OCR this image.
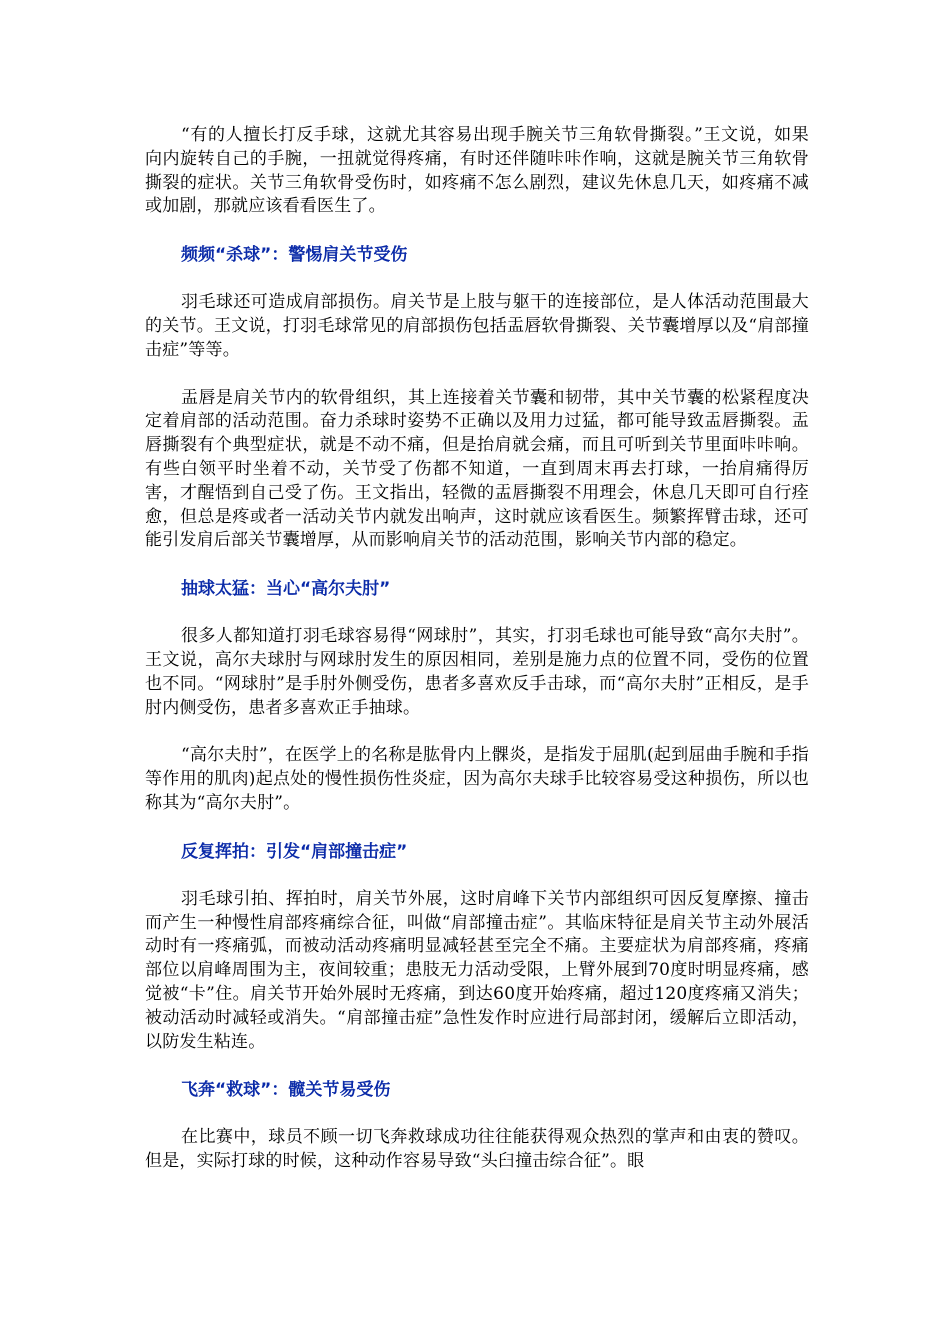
“有的人擅长打反手球，这就尤其容易出现手腕关节三角软骨撕裂。”王文说，如果向内旋转自己的手腕，一扭就觉得疼痛，有时还伴随咔咔作响，这就是腕关节三角软骨撕裂的症状。关节三角软骨受伤时，如疼痛不怎么剧烈，建议先休息几天，如疼痛不减或加剧，那就应该看看医生了。

频频“杀球”：警惕肩关节受伤

羽毛球还可造成肩部损伤。肩关节是上肢与躯干的连接部位，是人体活动范围最大的关节。王文说，打羽毛球常见的肩部损伤包括盂唇软骨撕裂、关节囊增厚以及“肩部撞击症”等等。

盂唇是肩关节内的软骨组织，其上连接着关节囊和韧带，其中关节囊的松紧程度决定着肩部的活动范围。奋力杀球时姿势不正确以及用力过猛，都可能导致盂唇撕裂。盂唇撕裂有个典型症状，就是不动不痛，但是抬肩就会痛，而且可听到关节里面咔咔响。有些白领平时坐着不动，关节受了伤都不知道，一直到周末再去打球，一抬肩痛得厉害，才醒悟到自己受了伤。王文指出，轻微的盂唇撕裂不用理会，休息几天即可自行痊愈，但总是疼或者一活动关节内就发出响声，这时就应该看医生。频繁挥臂击球，还可能引发肩后部关节囊增厚，从而影响肩关节的活动范围，影响关节内部的稳定。

抽球太猛：当心“高尔夫肘”

很多人都知道打羽毛球容易得“网球肘”，其实，打羽毛球也可能导致“高尔夫肘”。王文说，高尔夫球肘与网球肘发生的原因相同，差别是施力点的位置不同，受伤的位置也不同。“网球肘”是手肘外侧受伤，患者多喜欢反手击球，而“高尔夫肘”正相反，是手肘内侧受伤，患者多喜欢正手抽球。

“高尔夫肘”，在医学上的名称是肱骨内上髁炎，是指发于屈肌(起到屈曲手腕和手指等作用的肌肉)起点处的慢性损伤性炎症，因为高尔夫球手比较容易受这种损伤，所以也称其为“高尔夫肘”。

反复挥拍：引发“肩部撞击症”

羽毛球引拍、挥拍时，肩关节外展，这时肩峰下关节内部组织可因反复摩擦、撞击而产生一种慢性肩部疼痛综合征，叫做“肩部撞击症”。其临床特征是肩关节主动外展活动时有一疼痛弧，而被动活动疼痛明显减轻甚至完全不痛。主要症状为肩部疼痛，疼痛部位以肩峰周围为主，夜间较重；患肢无力活动受限，上臂外展到70度时明显疼痛，感觉被“卡”住。肩关节开始外展时无疼痛，到达60度开始疼痛，超过120度疼痛又消失；被动活动时减轻或消失。“肩部撞击症”急性发作时应进行局部封闭，缓解后立即活动，以防发生粘连。

飞奔“救球”：髋关节易受伤

在比赛中，球员不顾一切飞奔救球成功往往能获得观众热烈的掌声和由衷的赞叹。但是，实际打球的时候，这种动作容易导致“头臼撞击综合征”。眼
